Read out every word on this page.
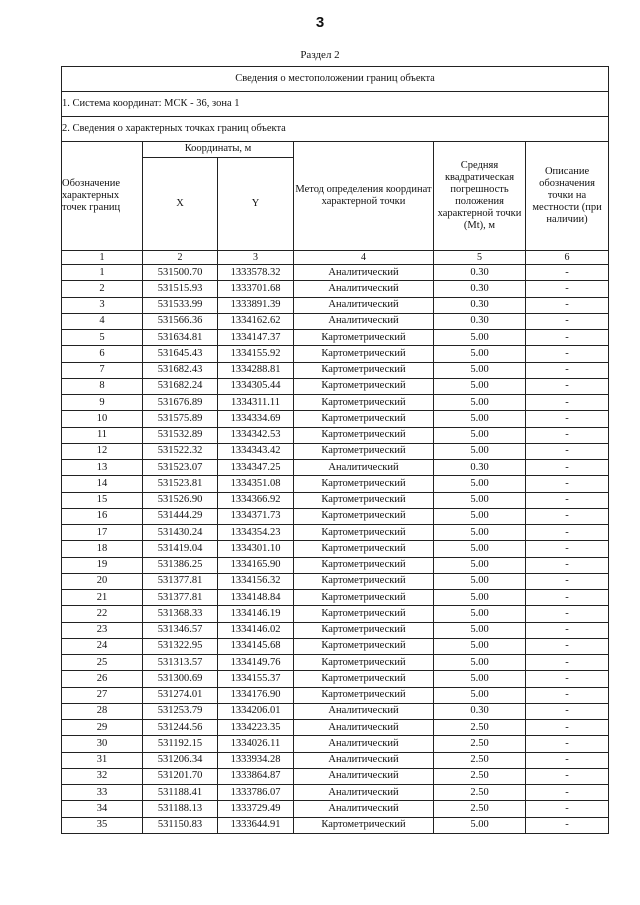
3
Раздел 2
Сведения о местоположении границ объекта					
1. Система координат: МСК - 36, зона 1					
2. Сведения о характерных точках границ объекта					
Обозначение характерных точек границ	Координаты, м		Метод определения координат характерной точки	Средняя квадратическая погрешность положения характерной точки (Mt), м	Описание обозначения точки на местности (при наличии)
	X	Y			
1	2	3	4	5	6
1	531500.70	1333578.32	Аналитический	0.30	-
2	531515.93	1333701.68	Аналитический	0.30	-
3	531533.99	1333891.39	Аналитический	0.30	-
4	531566.36	1334162.62	Аналитический	0.30	-
5	531634.81	1334147.37	Картометрический	5.00	-
6	531645.43	1334155.92	Картометрический	5.00	-
7	531682.43	1334288.81	Картометрический	5.00	-
8	531682.24	1334305.44	Картометрический	5.00	-
9	531676.89	1334311.11	Картометрический	5.00	-
10	531575.89	1334334.69	Картометрический	5.00	-
11	531532.89	1334342.53	Картометрический	5.00	-
12	531522.32	1334343.42	Картометрический	5.00	-
13	531523.07	1334347.25	Аналитический	0.30	-
14	531523.81	1334351.08	Картометрический	5.00	-
15	531526.90	1334366.92	Картометрический	5.00	-
16	531444.29	1334371.73	Картометрический	5.00	-
17	531430.24	1334354.23	Картометрический	5.00	-
18	531419.04	1334301.10	Картометрический	5.00	-
19	531386.25	1334165.90	Картометрический	5.00	-
20	531377.81	1334156.32	Картометрический	5.00	-
21	531377.81	1334148.84	Картометрический	5.00	-
22	531368.33	1334146.19	Картометрический	5.00	-
23	531346.57	1334146.02	Картометрический	5.00	-
24	531322.95	1334145.68	Картометрический	5.00	-
25	531313.57	1334149.76	Картометрический	5.00	-
26	531300.69	1334155.37	Картометрический	5.00	-
27	531274.01	1334176.90	Картометрический	5.00	-
28	531253.79	1334206.01	Аналитический	0.30	-
29	531244.56	1334223.35	Аналитический	2.50	-
30	531192.15	1334026.11	Аналитический	2.50	-
31	531206.34	1333934.28	Аналитический	2.50	-
32	531201.70	1333864.87	Аналитический	2.50	-
33	531188.41	1333786.07	Аналитический	2.50	-
34	531188.13	1333729.49	Аналитический	2.50	-
35	531150.83	1333644.91	Картометрический	5.00	-
